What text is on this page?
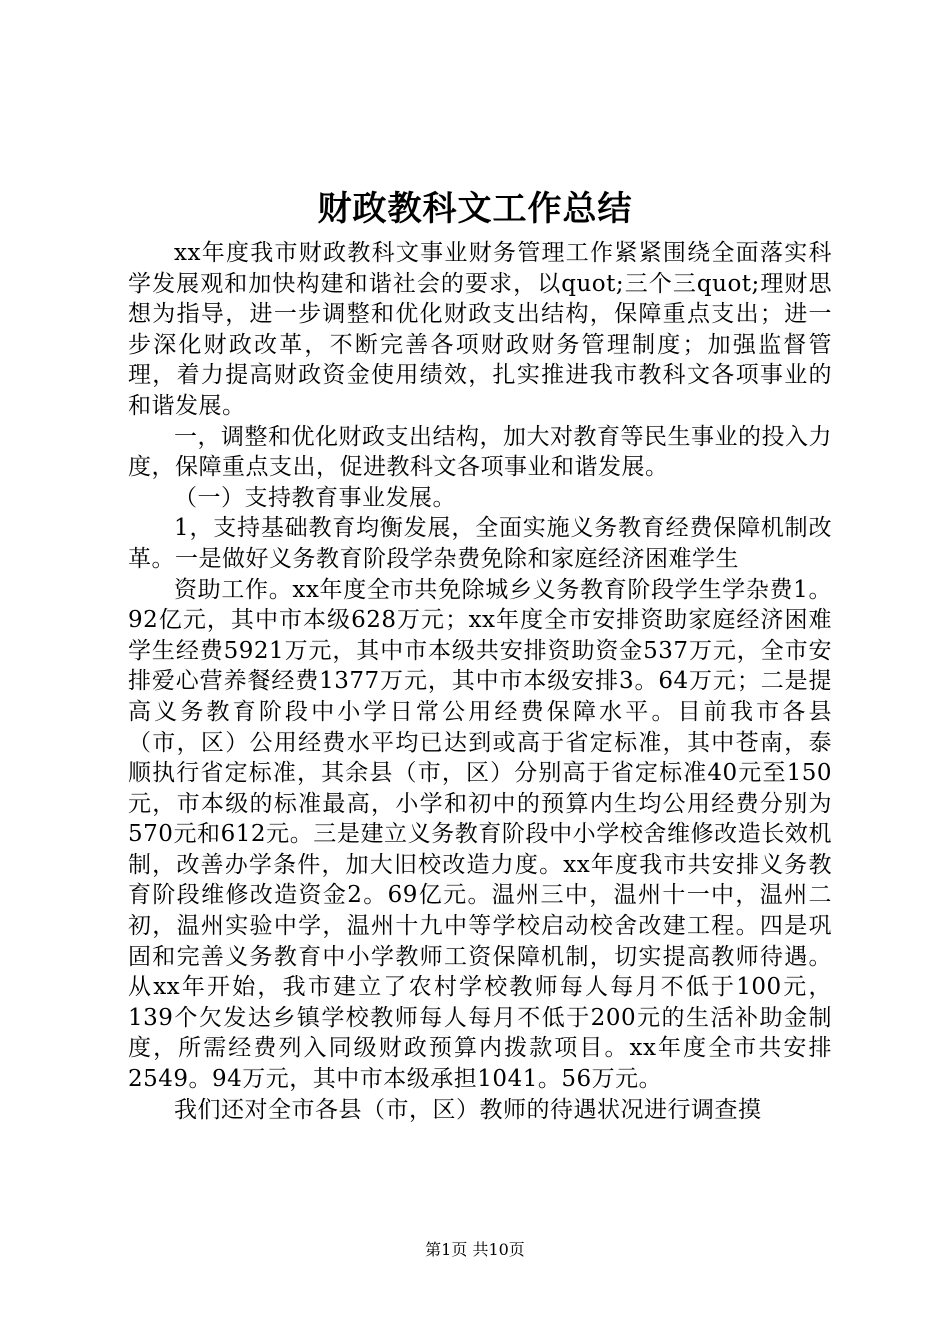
财政教科文工作总结

xx年度我市财政教科文事业财务管理工作紧紧围绕全面落实科学发展观和加快构建和谐社会的要求，以quot;三个三quot;理财思想为指导，进一步调整和优化财政支出结构，保障重点支出；进一步深化财政改革，不断完善各项财政财务管理制度；加强监督管理，着力提高财政资金使用绩效，扎实推进我市教科文各项事业的和谐发展。

一，调整和优化财政支出结构，加大对教育等民生事业的投入力度，保障重点支出，促进教科文各项事业和谐发展。

（一）支持教育事业发展。

1，支持基础教育均衡发展，全面实施义务教育经费保障机制改革。一是做好义务教育阶段学杂费免除和家庭经济困难学生

资助工作。xx年度全市共免除城乡义务教育阶段学生学杂费1。92亿元，其中市本级628万元；xx年度全市安排资助家庭经济困难学生经费5921万元，其中市本级共安排资助资金537万元，全市安排爱心营养餐经费1377万元，其中市本级安排3。64万元；二是提高义务教育阶段中小学日常公用经费保障水平。目前我市各县（市，区）公用经费水平均已达到或高于省定标准，其中苍南，泰顺执行省定标准，其余县（市，区）分别高于省定标准40元至150元，市本级的标准最高，小学和初中的预算内生均公用经费分别为570元和612元。三是建立义务教育阶段中小学校舍维修改造长效机制，改善办学条件，加大旧校改造力度。xx年度我市共安排义务教育阶段维修改造资金2。69亿元。温州三中，温州十一中，温州二初，温州实验中学，温州十九中等学校启动校舍改建工程。四是巩固和完善义务教育中小学教师工资保障机制，切实提高教师待遇。从xx年开始，我市建立了农村学校教师每人每月不低于100元，139个欠发达乡镇学校教师每人每月不低于200元的生活补助金制度，所需经费列入同级财政预算内拨款项目。xx年度全市共安排2549。94万元，其中市本级承担1041。56万元。

我们还对全市各县（市，区）教师的待遇状况进行调查摸

第1页 共10页
